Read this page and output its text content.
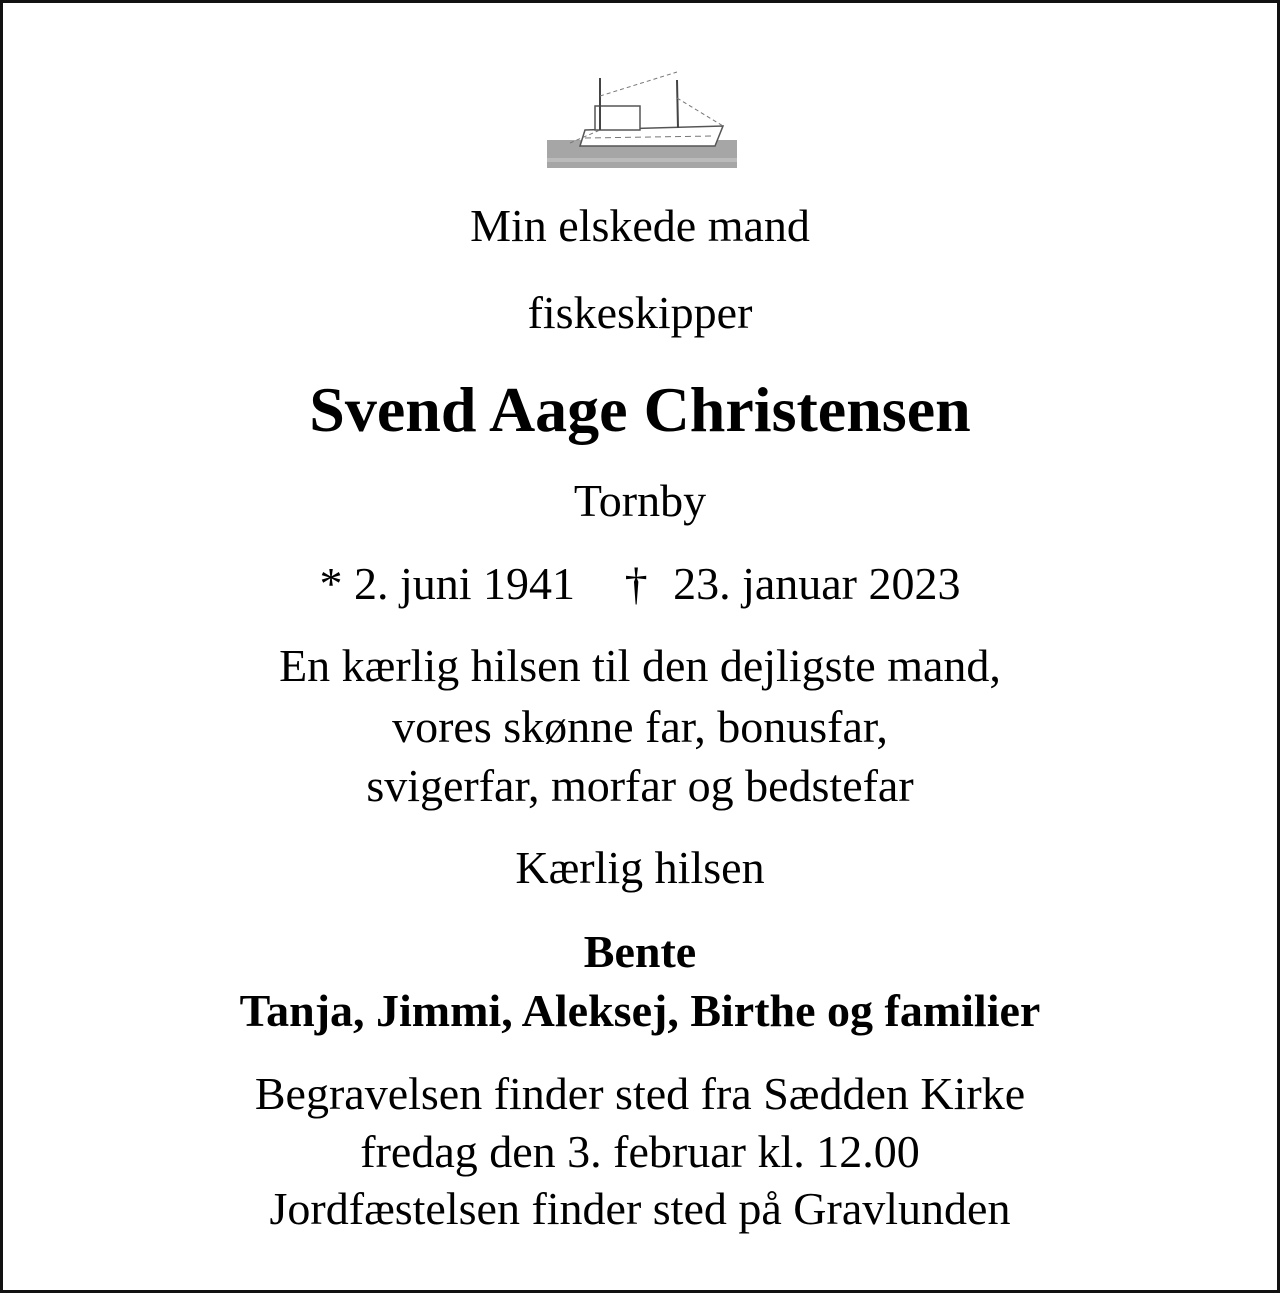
Min elskede mand
fiskeskipper
Svend Aage Christensen
Tornby
* 2. juni 1941 † 23. januar 2023
En kærlig hilsen til den dejligste mand,
vores skønne far, bonusfar,
svigerfar, morfar og bedstefar
Kærlig hilsen
Bente
Tanja, Jimmi, Aleksej, Birthe og familier
Begravelsen finder sted fra Sædden Kirke
fredag den 3. februar kl. 12.00
Jordfæstelsen finder sted på Gravlunden
